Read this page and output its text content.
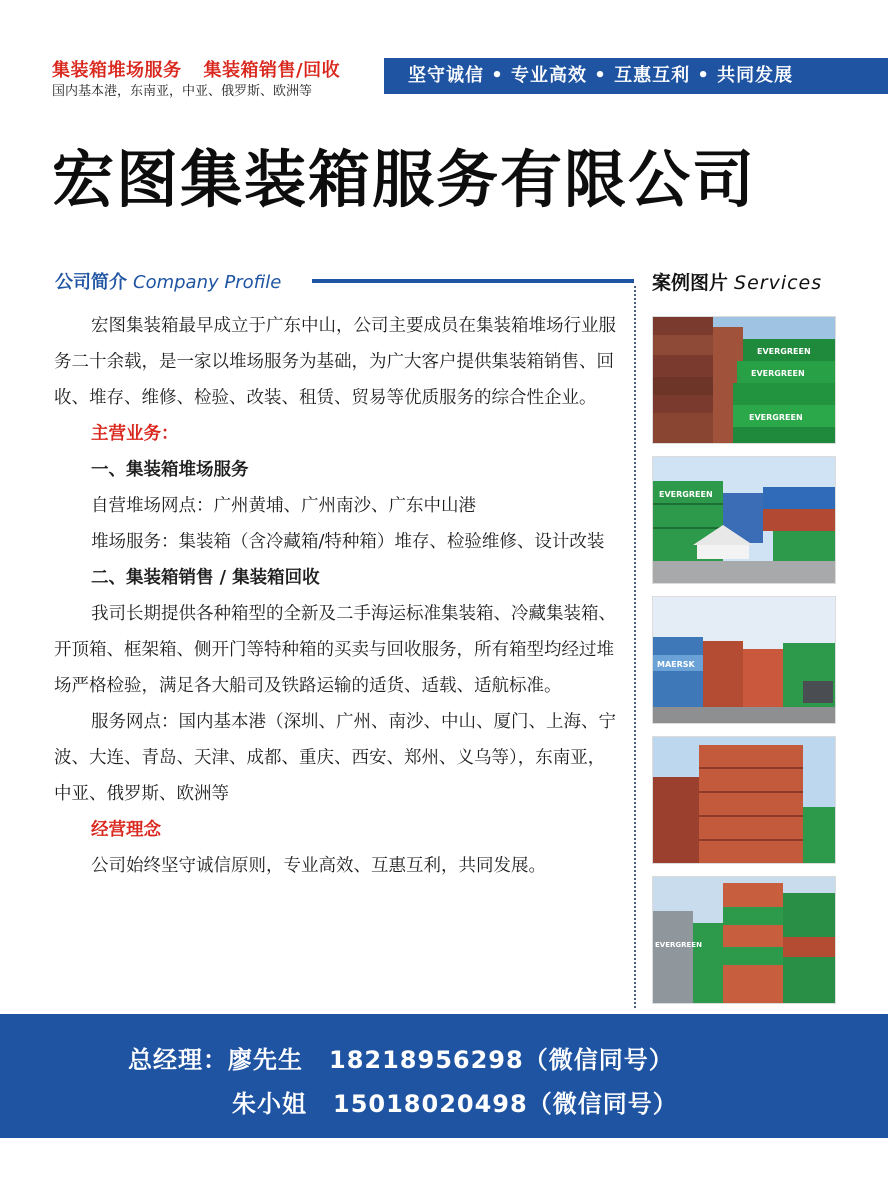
集装箱堆场服务 集装箱销售/回收
国内基本港，东南亚，中亚、俄罗斯、欧洲等
坚守诚信 • 专业高效 • 互惠互利 • 共同发展
宏图集装箱服务有限公司
公司简介 Company Profile

宏图集装箱最早成立于广东中山，公司主要成员在集装箱堆场行业服务二十余载，是一家以堆场服务为基础，为广大客户提供集装箱销售、回收、堆存、维修、检验、改装、租赁、贸易等优质服务的综合性企业。

主营业务：

一、集装箱堆场服务

自营堆场网点：广州黄埔、广州南沙、广东中山港

堆场服务：集装箱（含冷藏箱/特种箱）堆存、检验维修、设计改装

二、集装箱销售 / 集装箱回收

我司长期提供各种箱型的全新及二手海运标准集装箱、冷藏集装箱、开顶箱、框架箱、侧开门等特种箱的买卖与回收服务，所有箱型均经过堆场严格检验，满足各大船司及铁路运输的适货、适载、适航标准。

服务网点：国内基本港（深圳、广州、南沙、中山、厦门、上海、宁波、大连、青岛、天津、成都、重庆、西安、郑州、义乌等），东南亚，中亚、俄罗斯、欧洲等

经营理念

公司始终坚守诚信原则，专业高效、互惠互利，共同发展。

案例图片 Services
EVERGREEN
EVERGREEN
EVERGREEN
EVERGREEN
MAERSK
EVERGREEN
总经理：廖先生 18218956298（微信同号）
朱小姐 15018020498（微信同号）
